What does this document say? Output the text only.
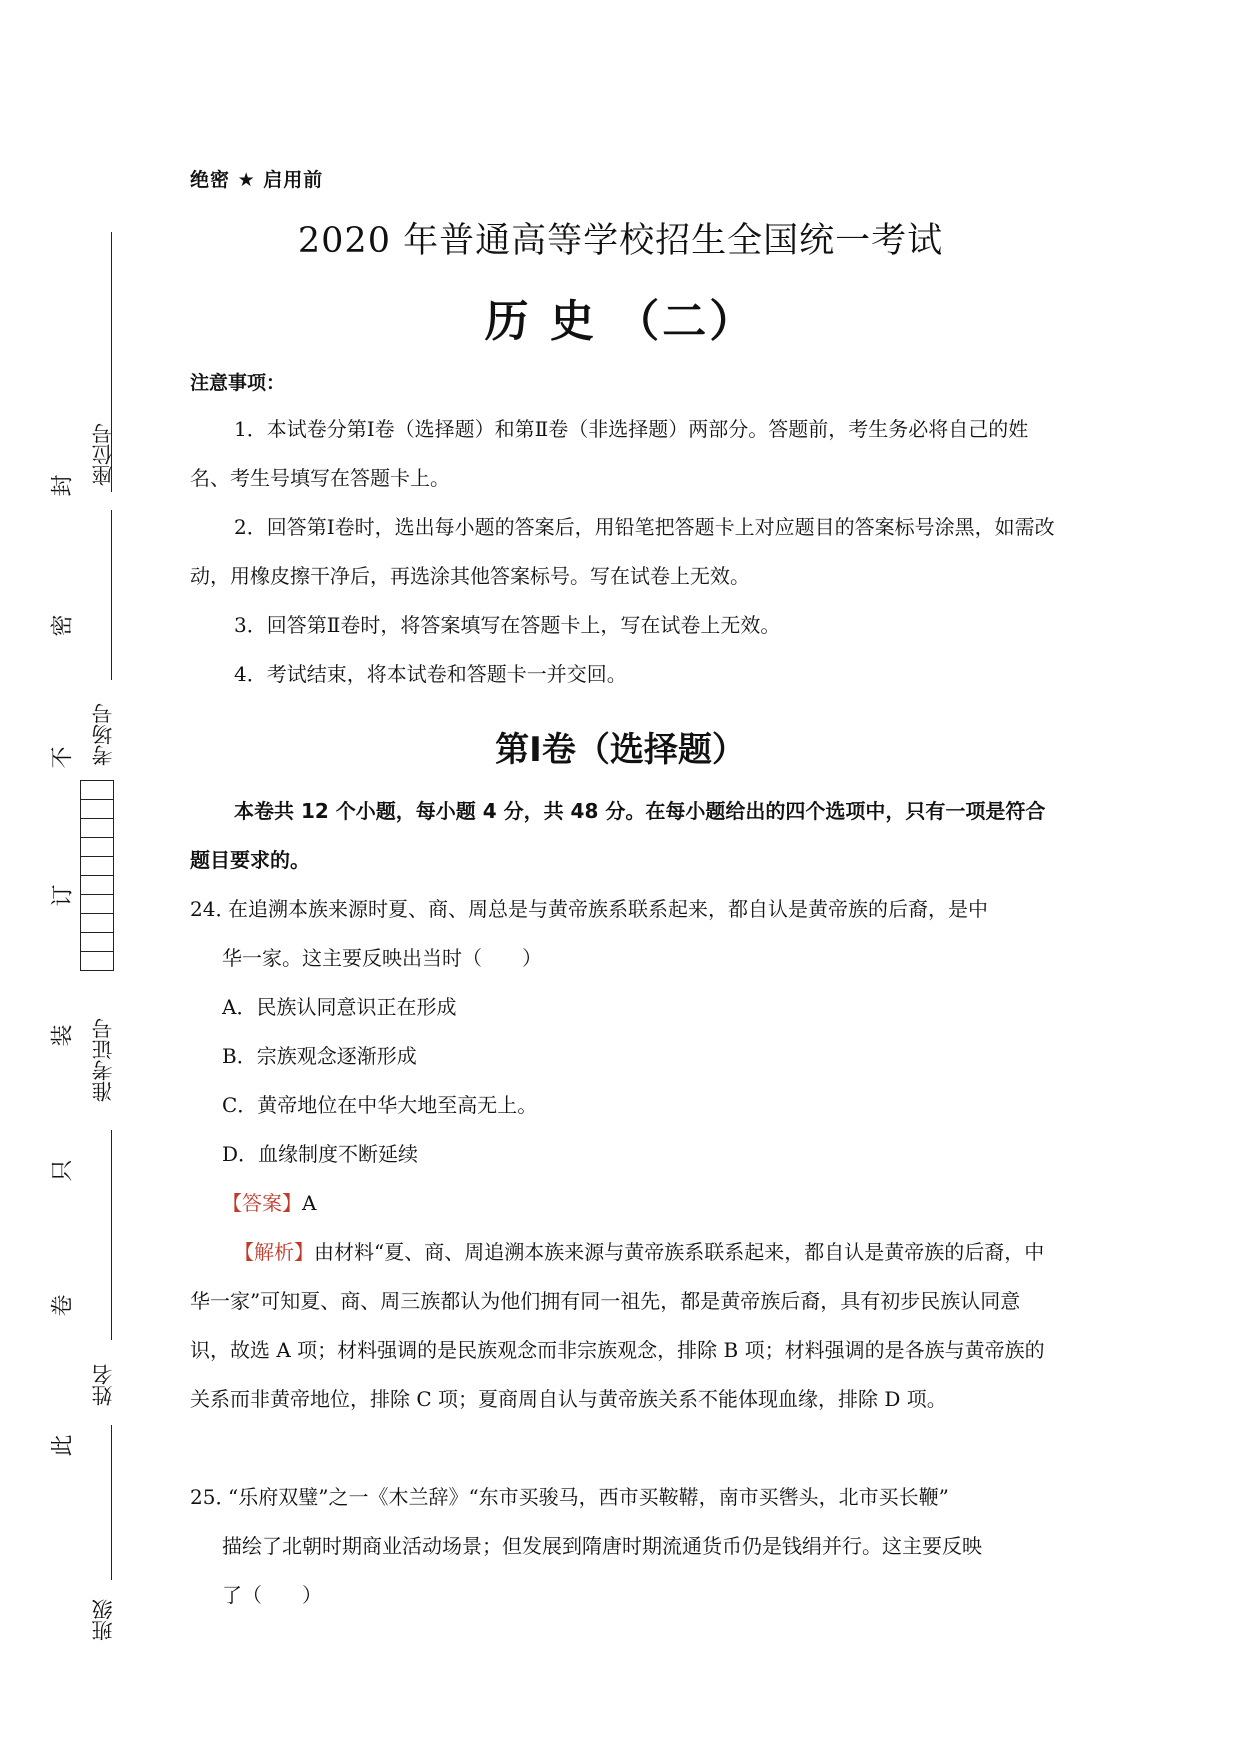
座位号
考场号
准考证号
姓名
班级
封
密
不
订
装
只
卷
此
绝密 ★ 启用前
2020 年普通高等学校招生全国统一考试
历 史 （二）
注意事项：
1．本试卷分第Ⅰ卷（选择题）和第Ⅱ卷（非选择题）两部分。答题前，考生务必将自己的姓名、考生号填写在答题卡上。
2．回答第Ⅰ卷时，选出每小题的答案后，用铅笔把答题卡上对应题目的答案标号涂黑，如需改动，用橡皮擦干净后，再选涂其他答案标号。写在试卷上无效。
3．回答第Ⅱ卷时，将答案填写在答题卡上，写在试卷上无效。
4．考试结束，将本试卷和答题卡一并交回。
第Ⅰ卷（选择题）
本卷共 12 个小题，每小题 4 分，共 48 分。在每小题给出的四个选项中，只有一项是符合题目要求的。
24．在追溯本族来源时夏、商、周总是与黄帝族系联系起来，都自认是黄帝族的后裔，是中
华一家。这主要反映出当时（　　）
A．民族认同意识正在形成
B．宗族观念逐渐形成
C．黄帝地位在中华大地至高无上。
D．血缘制度不断延续
【答案】A
【解析】由材料“夏、商、周追溯本族来源与黄帝族系联系起来，都自认是黄帝族的后裔，中华一家”可知夏、商、周三族都认为他们拥有同一祖先，都是黄帝族后裔，具有初步民族认同意识，故选 A 项；材料强调的是民族观念而非宗族观念，排除 B 项；材料强调的是各族与黄帝族的关系而非黄帝地位，排除 C 项；夏商周自认与黄帝族关系不能体现血缘，排除 D 项。
25．“乐府双璧”之一《木兰辞》“东市买骏马，西市买鞍鞯，南市买辔头，北市买长鞭”
描绘了北朝时期商业活动场景；但发展到隋唐时期流通货币仍是钱绢并行。这主要反映
了（　　）
